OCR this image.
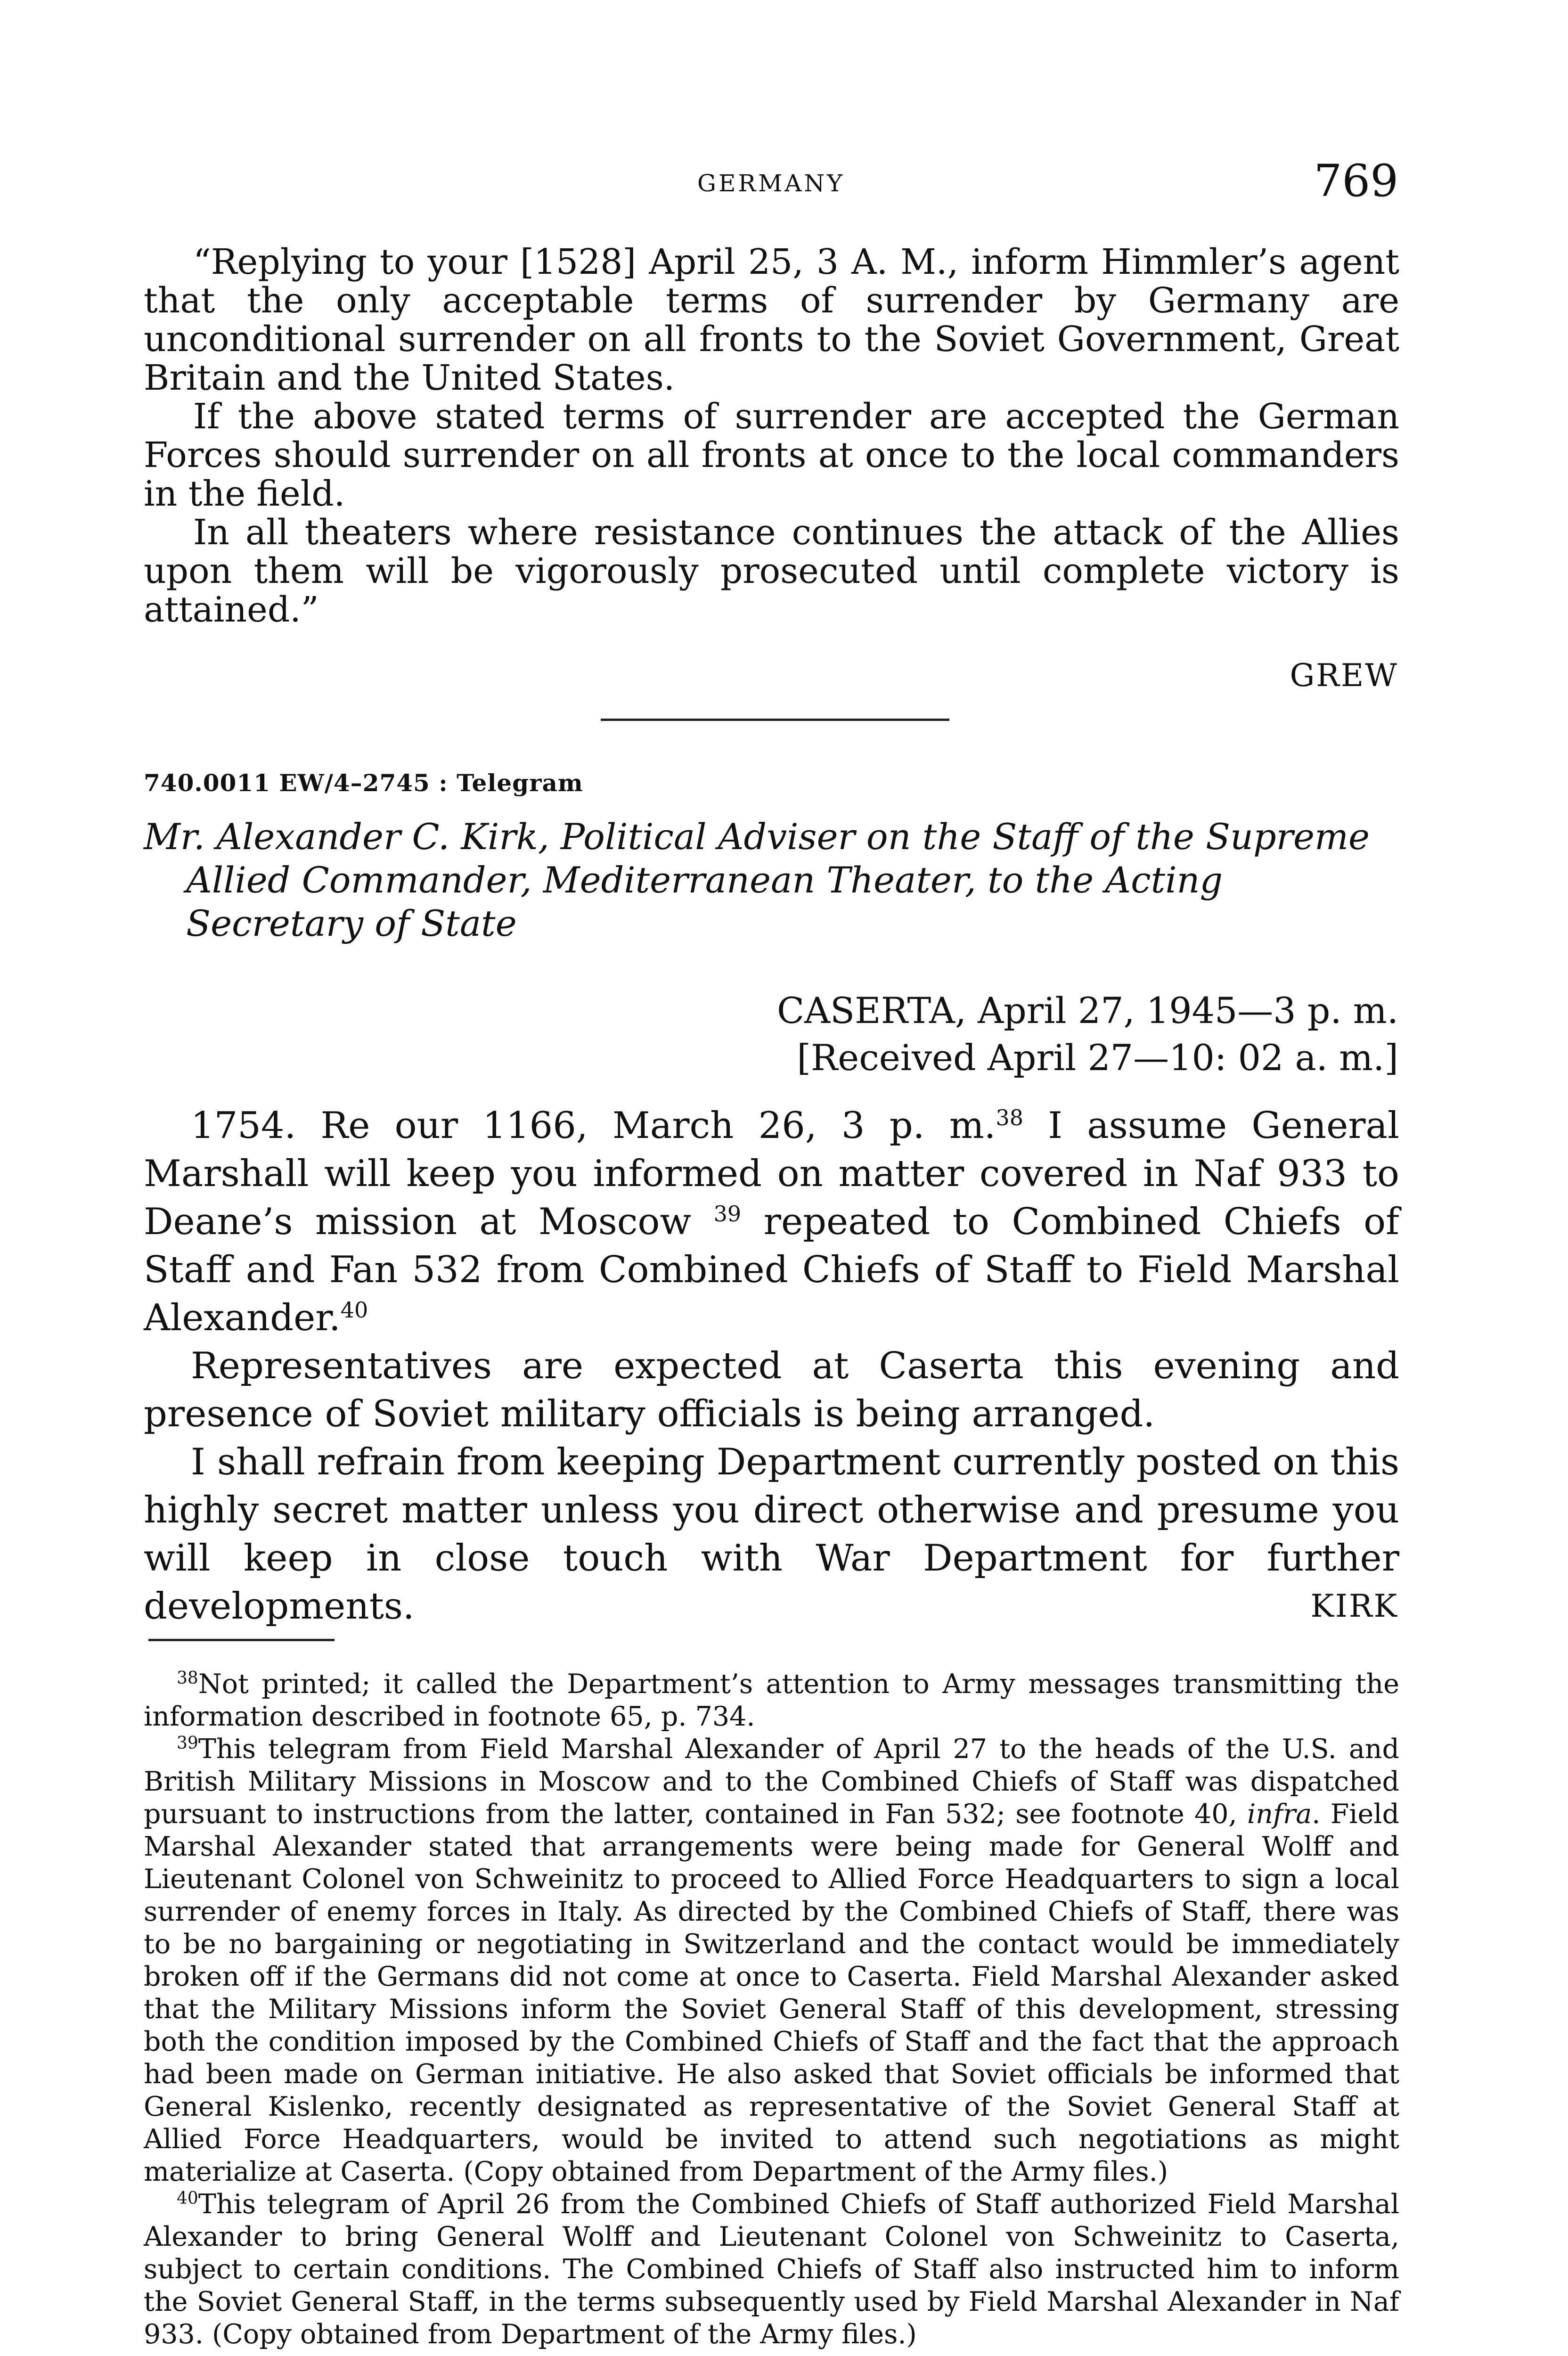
GERMANY	769

“Replying to your [1528] April 25, 3 A. M., inform Himmler’s agent that the only acceptable terms of surrender by Germany are unconditional surrender on all fronts to the Soviet Government, Great Britain and the United States.

If the above stated terms of surrender are accepted the German Forces should surrender on all fronts at once to the local commanders in the field.

In all theaters where resistance continues the attack of the Allies upon them will be vigorously prosecuted until complete victory is attained.”

GREW
740.0011 EW/4–2745 : Telegram
Mr. Alexander C. Kirk, Political Adviser on the Staff of the Supreme Allied Commander, Mediterranean Theater, to the Acting Secretary of State
CASERTA, April 27, 1945—3 p. m.
[Received April 27—10: 02 a. m.]

1754. Re our 1166, March 26, 3 p. m.$^{38}$ I assume General Marshall will keep you informed on matter covered in Naf 933 to Deane’s mission at Moscow $^{39}$ repeated to Combined Chiefs of Staff and Fan 532 from Combined Chiefs of Staff to Field Marshal Alexander.$^{40}$

Representatives are expected at Caserta this evening and presence of Soviet military officials is being arranged.

I shall refrain from keeping Department currently posted on this highly secret matter unless you direct otherwise and presume you will keep in close touch with War Department for further developments.	KIRK

$^{38}$Not printed; it called the Department’s attention to Army messages transmitting the information described in footnote 65, p. 734.

$^{39}$This telegram from Field Marshal Alexander of April 27 to the heads of the U.S. and British Military Missions in Moscow and to the Combined Chiefs of Staff was dispatched pursuant to instructions from the latter, contained in Fan 532; see footnote 40, infra. Field Marshal Alexander stated that arrangements were being made for General Wolff and Lieutenant Colonel von Schweinitz to proceed to Allied Force Headquarters to sign a local surrender of enemy forces in Italy. As directed by the Combined Chiefs of Staff, there was to be no bargaining or negotiating in Switzerland and the contact would be immediately broken off if the Germans did not come at once to Caserta. Field Marshal Alexander asked that the Military Missions inform the Soviet General Staff of this development, stressing both the condition imposed by the Combined Chiefs of Staff and the fact that the approach had been made on German initiative. He also asked that Soviet officials be informed that General Kislenko, recently designated as representative of the Soviet General Staff at Allied Force Headquarters, would be invited to attend such negotiations as might materialize at Caserta. (Copy obtained from Department of the Army files.)

$^{40}$This telegram of April 26 from the Combined Chiefs of Staff authorized Field Marshal Alexander to bring General Wolff and Lieutenant Colonel von Schweinitz to Caserta, subject to certain conditions. The Combined Chiefs of Staff also instructed him to inform the Soviet General Staff, in the terms subsequently used by Field Marshal Alexander in Naf 933. (Copy obtained from Department of the Army files.)
